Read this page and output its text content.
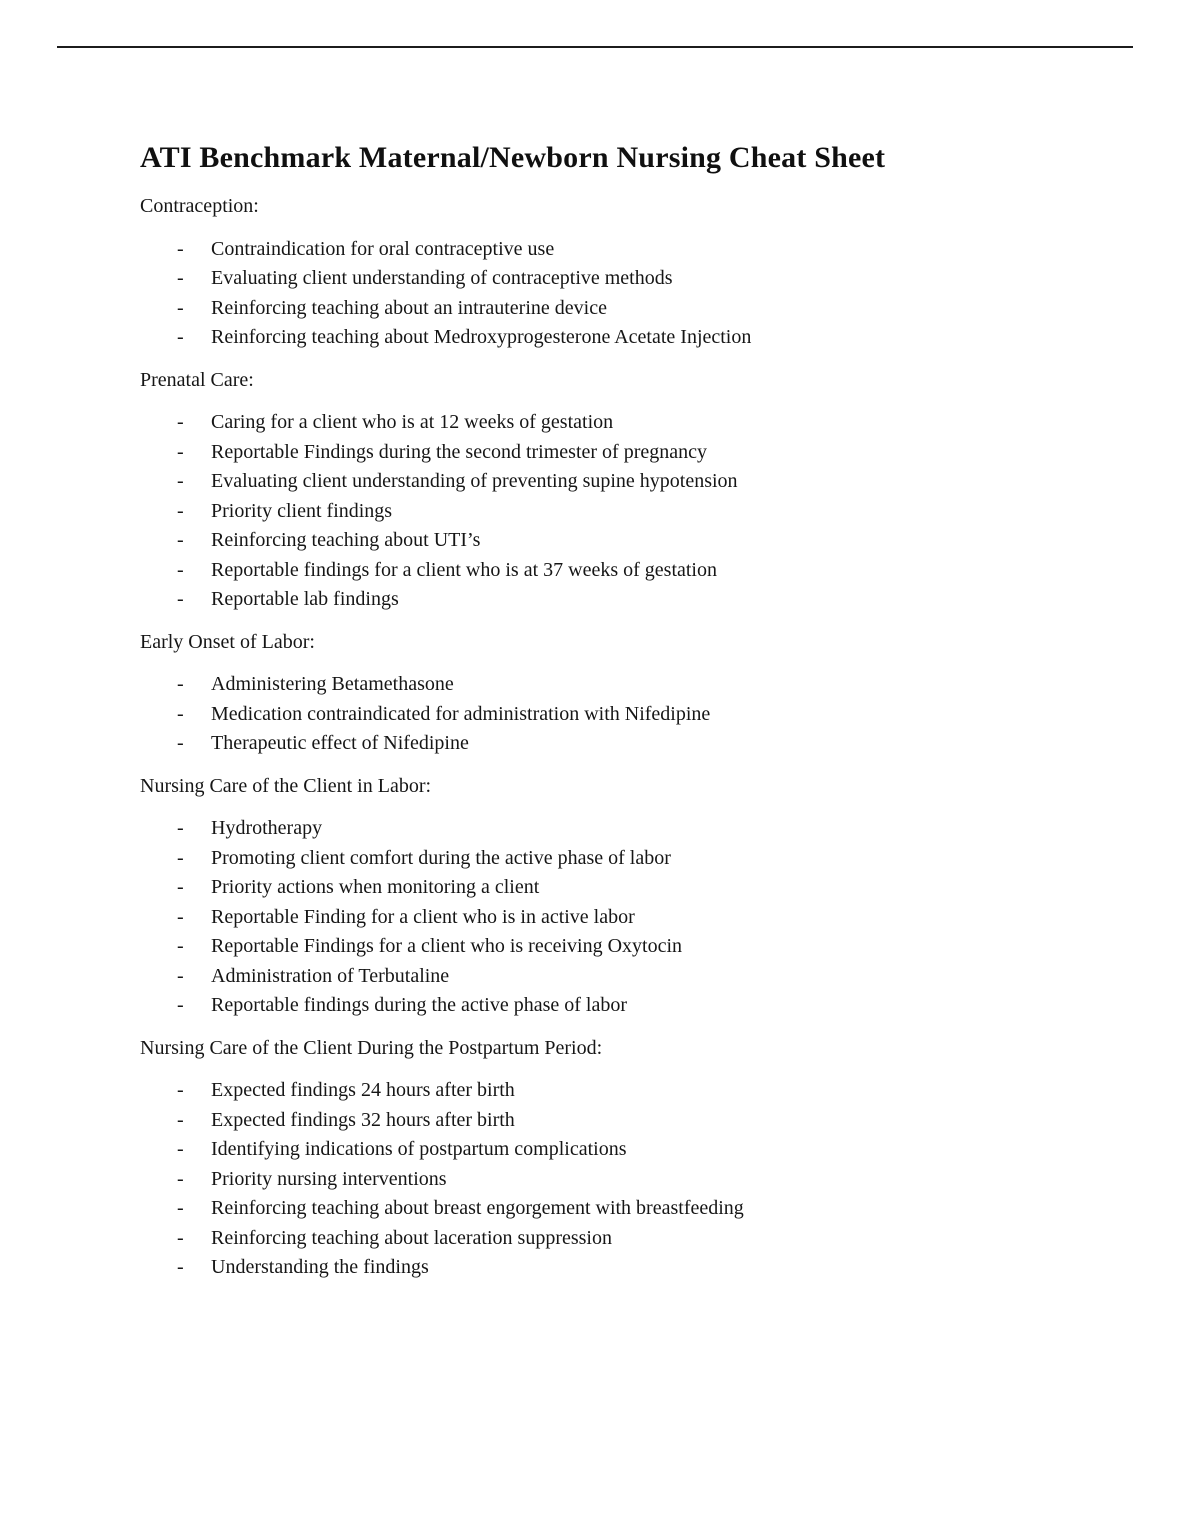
ATI Benchmark Maternal/Newborn Nursing Cheat Sheet
Contraception:
-	Contraindication for oral contraceptive use
-	Evaluating client understanding of contraceptive methods
-	Reinforcing teaching about an intrauterine device
-	Reinforcing teaching about Medroxyprogesterone Acetate Injection
Prenatal Care:
-	Caring for a client who is at 12 weeks of gestation
-	Reportable Findings during the second trimester of pregnancy
-	Evaluating client understanding of preventing supine hypotension
-	Priority client findings
-	Reinforcing teaching about UTI’s
-	Reportable findings for a client who is at 37 weeks of gestation
-	Reportable lab findings
Early Onset of Labor:
-	Administering Betamethasone
-	Medication contraindicated for administration with Nifedipine
-	Therapeutic effect of Nifedipine
Nursing Care of the Client in Labor:
-	Hydrotherapy
-	Promoting client comfort during the active phase of labor
-	Priority actions when monitoring a client
-	Reportable Finding for a client who is in active labor
-	Reportable Findings for a client who is receiving Oxytocin
-	Administration of Terbutaline
-	Reportable findings during the active phase of labor
Nursing Care of the Client During the Postpartum Period:
-	Expected findings 24 hours after birth
-	Expected findings 32 hours after birth
-	Identifying indications of postpartum complications
-	Priority nursing interventions
-	Reinforcing teaching about breast engorgement with breastfeeding
-	Reinforcing teaching about laceration suppression
-	Understanding the findings
